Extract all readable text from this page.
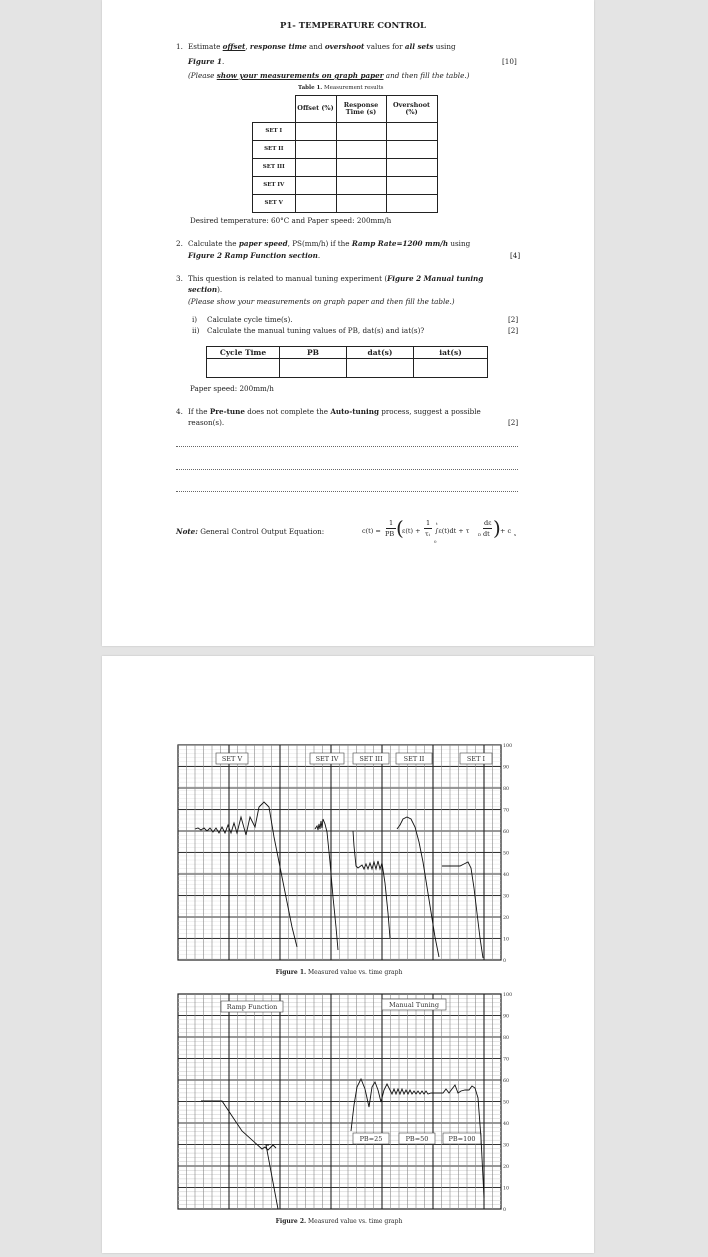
P1- TEMPERATURE CONTROL
1. Estimate offset, response time and overshoot values for all sets using
Figure 1.	[10]
(Please show your measurements on graph paper and then fill the table.)
Table 1. Measurement results
	Offset (%)	Response Time (s)	Overshoot (%)
SET I			
SET II			
SET III			
SET IV			
SET V			
Desired temperature: 60°C and Paper speed: 200mm/h
2. Calculate the paper speed, PS(mm/h) if the Ramp Rate=1200 mm/h using
Figure 2 Ramp Function section.	[4]
3. This question is related to manual tuning experiment (Figure 2 Manual tuning
section).
(Please show your measurements on graph paper and then fill the table.)
i) Calculate cycle time(s).	[2]
ii) Calculate the manual tuning values of PB, dat(s) and iat(s)?	[2]
Cycle Time	PB	dat(s)	iat(s)

Paper speed: 200mm/h
4. If the Pre-tune does not complete the Auto-tuning process, suggest a possible
reason(s).	[2]
Note: General Control Output Equation:	c(t) =
1
PB (
ε(t) +
1
τᵢ
t
0
∫ε(t)dt + τ D
dε
dt ) + c s
SET V	SET IV	SET III	SET II	SET I
100
90
80
70
60
50
40
30
20
10
0
Figure 1. Measured value vs. time graph
Ramp Function	Manual Tuning
PB=25	PB=50	PB=100
100
90
80
70
60
50
40
30
20
10
0
Figure 2. Measured value vs. time graph
